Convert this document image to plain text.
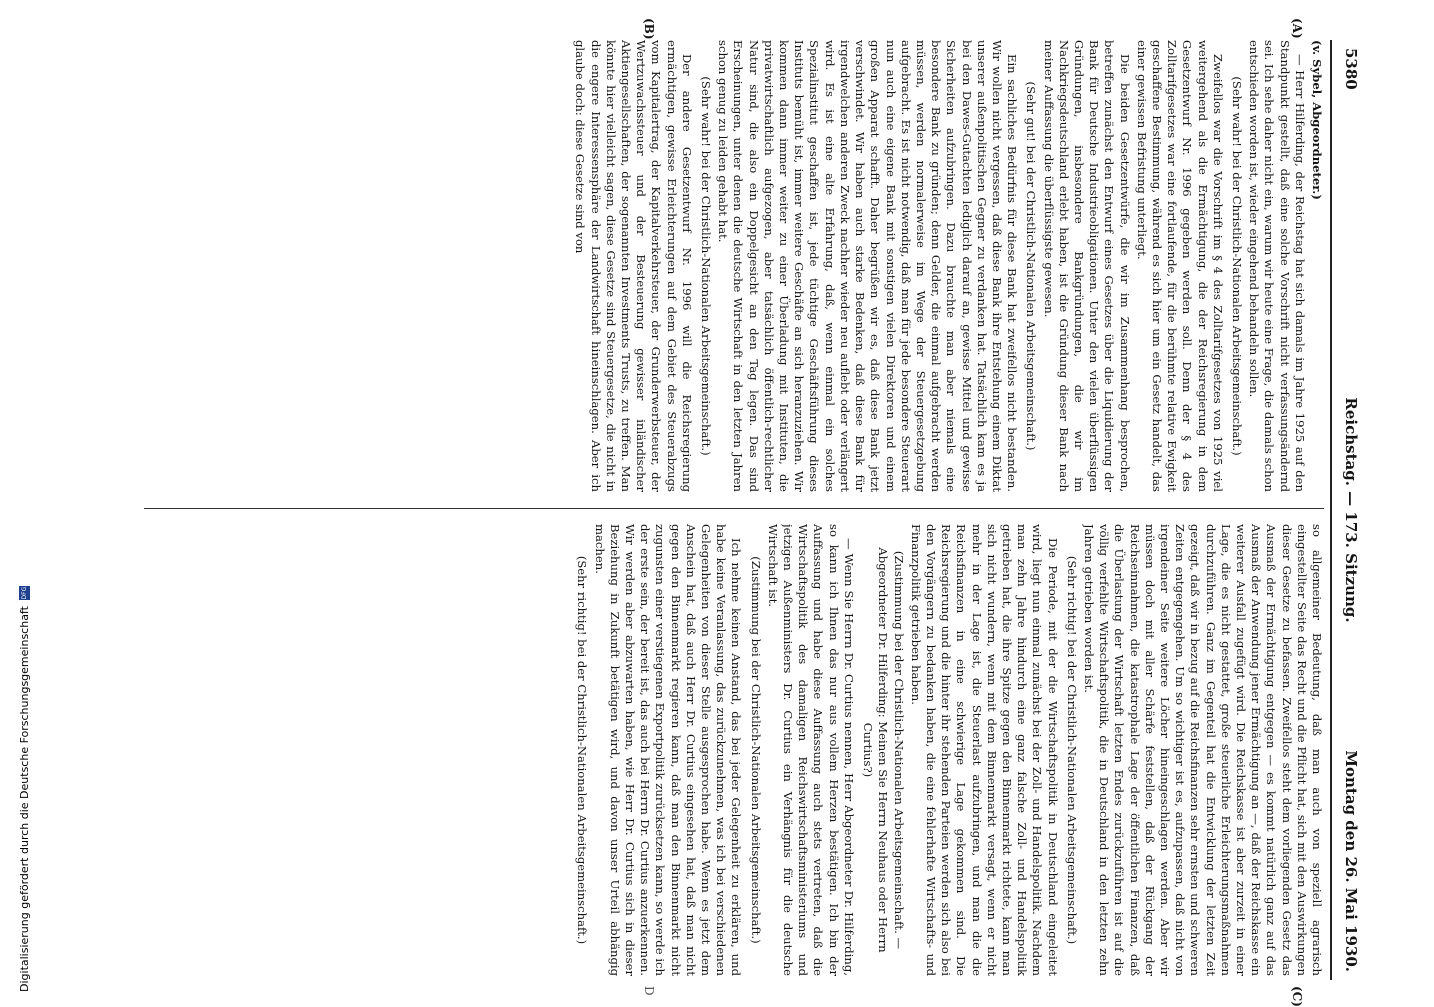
Digitalisierung gefördert durch die Deutsche Forschungsgemeinschaft
DFG
5380
Reichstag. — 173. Sitzung.
Montag den 26. Mai 1930.
(A)
(B)
(C)
D

(v. Sybel, Abgeordneter.)

— Herr Hilferding, der Reichstag hat sich damals im Jahre 1925 auf den Standpunkt gestellt, daß eine solche Vorschrift nicht verfassungsändernd sei. Ich sehe daher nicht ein, warum wir heute eine Frage, die damals schon entschieden worden ist, wieder eingehend behandeln sollen.

(Sehr wahr! bei der Christlich-Nationalen Arbeitsgemeinschaft.)

Zweifellos war die Vorschrift im § 4 des Zolltarifgesetzes von 1925 viel weitergehend als die Ermächtigung, die der Reichsregierung in dem Gesetzentwurf Nr. 1996 gegeben werden soll. Denn der § 4 des Zolltarifgesetzes war eine fortlaufende, für die berühmte relative Ewigkeit geschaffene Bestimmung, während es sich hier um ein Gesetz handelt, das einer gewissen Befristung unterliegt.

Die beiden Gesetzentwürfe, die wir im Zusammenhang besprochen, betreffen zunächst den Entwurf eines Gesetzes über die Liquidierung der Bank für Deutsche Industrieobligationen. Unter den vielen überflüssigen Gründungen, insbesondere Bankgründungen, die wir im Nachkriegsdeutschland erlebt haben, ist die Gründung dieser Bank nach meiner Auffassung die überflüssigste gewesen.

(Sehr gut! bei der Christlich-Nationalen Arbeitsgemeinschaft.)

Ein sachliches Bedürfnis für diese Bank hat zweifellos nicht bestanden. Wir wollen nicht vergessen, daß diese Bank ihre Entstehung einem Diktat unserer außenpolitischen Gegner zu verdanken hat. Tatsächlich kam es ja bei den Dawes-Gutachten lediglich darauf an, gewisse Mittel und gewisse Sicherheiten aufzubringen. Dazu brauchte man aber niemals eine besondere Bank zu gründen; denn Gelder, die einmal aufgebracht werden müssen, werden normalerweise im Wege der Steuergesetzgebung aufgebracht. Es ist nicht notwendig, daß man für jede besondere Steuerart nun auch eine eigene Bank mit sonstigen vielen Direktoren und einem großen Apparat schafft. Daher begrüßen wir es, daß diese Bank jetzt verschwindet. Wir haben auch starke Bedenken, daß diese Bank für irgendwelchen anderen Zweck nachher wieder neu auflebt oder verlängert wird. Es ist eine alte Erfahrung, daß, wenn einmal ein solches Spezialinstitut geschaffen ist, jede tüchtige Geschäftsführung dieses Instituts bemüht ist, immer weitere Geschäfte an sich heranzuziehen. Wir kommen dann immer weiter zu einer Überladung mit Instituten, die privatwirtschaftlich aufgezogen, aber tatsächlich öffentlich-rechtlicher Natur sind, die also ein Doppelgesicht an den Tag legen. Das sind Erscheinungen, unter denen die deutsche Wirtschaft in den letzten Jahren schon genug zu leiden gehabt hat.

(Sehr wahr! bei der Christlich-Nationalen Arbeitsgemeinschaft.)

Der andere Gesetzentwurf Nr. 1996 will die Reichsregierung ermächtigen, gewisse Erleichterungen auf dem Gebiet des Steuerabzugs vom Kapitalertrag, der Kapitalverkehrsteuer, der Grunderwerbsteuer, der Wertzuwachssteuer und der Besteuerung gewisser inländischer Aktiengesellschaften, der sogenannten Investments Trusts, zu treffen. Man könnte hier vielleicht sagen, diese Gesetze sind Steuergesetze, die nicht in die engere Interessensphäre der Landwirtschaft hineinschlagen. Aber ich glaube doch: diese Gesetze sind von

so allgemeiner Bedeutung, daß man auch von speziell agrarisch eingestellter Seite das Recht und die Pflicht hat, sich mit den Auswirkungen dieser Gesetze zu befassen. Zweifellos steht dem vorliegenden Gesetz das Ausmaß der Ermächtigung entgegen — es kommt natürlich ganz auf das Ausmaß der Anwendung jener Ermächtigung an —, daß der Reichskasse ein weiterer Ausfall zugefügt wird. Die Reichskasse ist aber zurzeit in einer Lage, die es nicht gestattet, große steuerliche Erleichterungsmaßnahmen durchzuführen. Ganz im Gegenteil hat die Entwicklung der letzten Zeit gezeigt, daß wir in bezug auf die Reichsfinanzen sehr ernsten und schweren Zeiten entgegengehen. Um so wichtiger ist es, aufzupassen, daß nicht von irgendeiner Seite weitere Löcher hineingeschlagen werden. Aber wir müssen doch mit aller Schärfe feststellen, daß der Rückgang der Reichseinnahmen, die katastrophale Lage der öffentlichen Finanzen, daß die Überlastung der Wirtschaft letzten Endes zurückzuführen ist auf die völlig verfehlte Wirtschaftspolitik, die in Deutschland in den letzten zehn Jahren getrieben worden ist.

(Sehr richtig! bei der Christlich-Nationalen Arbeitsgemeinschaft.)

Die Periode, mit der die Wirtschaftspolitik in Deutschland eingeleitet wird, liegt nun einmal zunächst bei der Zoll- und Handelspolitik. Nachdem man zehn Jahre hindurch eine ganz falsche Zoll- und Handelspolitik getrieben hat, die ihre Spitze gegen den Binnenmarkt richtete, kann man sich nicht wundern, wenn mit dem Binnenmarkt versagt, wenn er nicht mehr in der Lage ist, die Steuerlast aufzubringen, und man die die Reichsfinanzen in eine schwierige Lage gekommen sind. Die Reichsregierung und die hinter ihr stehenden Parteien werden sich also bei den Vorgängern zu bedanken haben, die eine fehlerhafte Wirtschafts- und Finanzpolitik getrieben haben.

(Zustimmung bei der Christlich-Nationalen Arbeitsgemeinschaft. — Abgeordneter Dr. Hilferding: Meinen Sie Herrn Neuhaus oder Herrn Curtius?)

— Wenn Sie Herrn Dr. Curtius nennen, Herr Abgeordneter Dr. Hilferding, so kann ich Ihnen das nur aus vollem Herzen bestätigen. Ich bin der Auffassung und habe diese Auffassung auch stets vertreten, daß die Wirtschaftspolitik des damaligen Reichswirtschaftsministeriums und jetzigen Außenministers Dr. Curtius ein Verhängnis für die deutsche Wirtschaft ist.

(Zustimmung bei der Christlich-Nationalen Arbeitsgemeinschaft.)

Ich nehme keinen Anstand, das bei jeder Gelegenheit zu erklären, und habe keine Veranlassung, das zurückzunehmen, was ich bei verschiedenen Gelegenheiten von dieser Stelle ausgesprochen habe. Wenn es jetzt dem Anschein hat, daß auch Herr Dr. Curtius eingesehen hat, daß man nicht gegen den Binnenmarkt regieren kann, daß man den Binnenmarkt nicht zugunsten einer verstiegenen Exportpolitik zurücksetzen kann, so werde ich der erste sein, der bereit ist, das auch bei Herrn Dr. Curtius anzuerkennen. Wir werden aber abzuwarten haben, wie Herr Dr. Curtius sich in dieser Beziehung in Zukunft betätigen wird, und davon unser Urteil abhängig machen.

(Sehr richtig! bei der Christlich-Nationalen Arbeitsgemeinschaft.)
